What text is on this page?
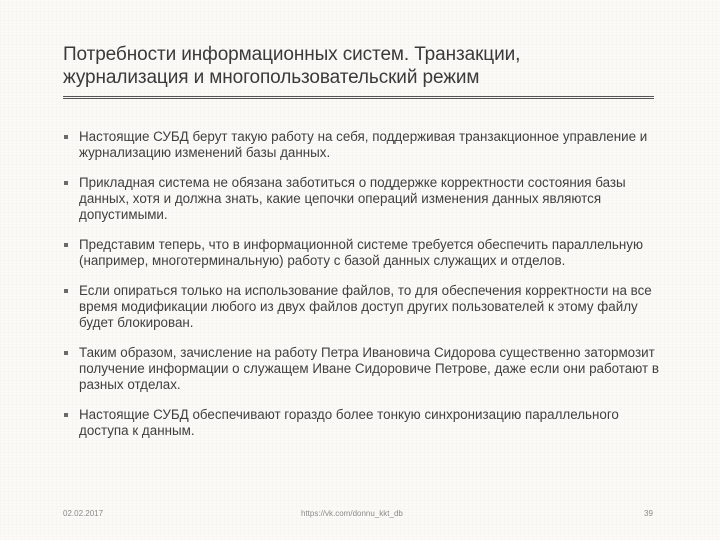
Потребности информационных систем. Транзакции,
журнализация и многопользовательский режим
Настоящие СУБД берут такую работу на себя, поддерживая транзакционное управление и журнализацию изменений базы данных.
Прикладная система не обязана заботиться о поддержке корректности состояния базы данных, хотя и должна знать, какие цепочки операций изменения данных являются допустимыми.
Представим теперь, что в информационной системе требуется обеспечить параллельную (например, многотерминальную) работу с базой данных служащих и отделов.
Если опираться только на использование файлов, то для обеспечения корректности на все время модификации любого из двух файлов доступ других пользователей к этому файлу будет блокирован.
Таким образом, зачисление на работу Петра Ивановича Сидорова существенно затормозит получение информации о служащем Иване Сидоровиче Петрове, даже если они работают в разных отделах.
Настоящие СУБД обеспечивают гораздо более тонкую синхронизацию параллельного доступа к данным.
02.02.2017	https://vk.com/donnu_kkt_db	39
